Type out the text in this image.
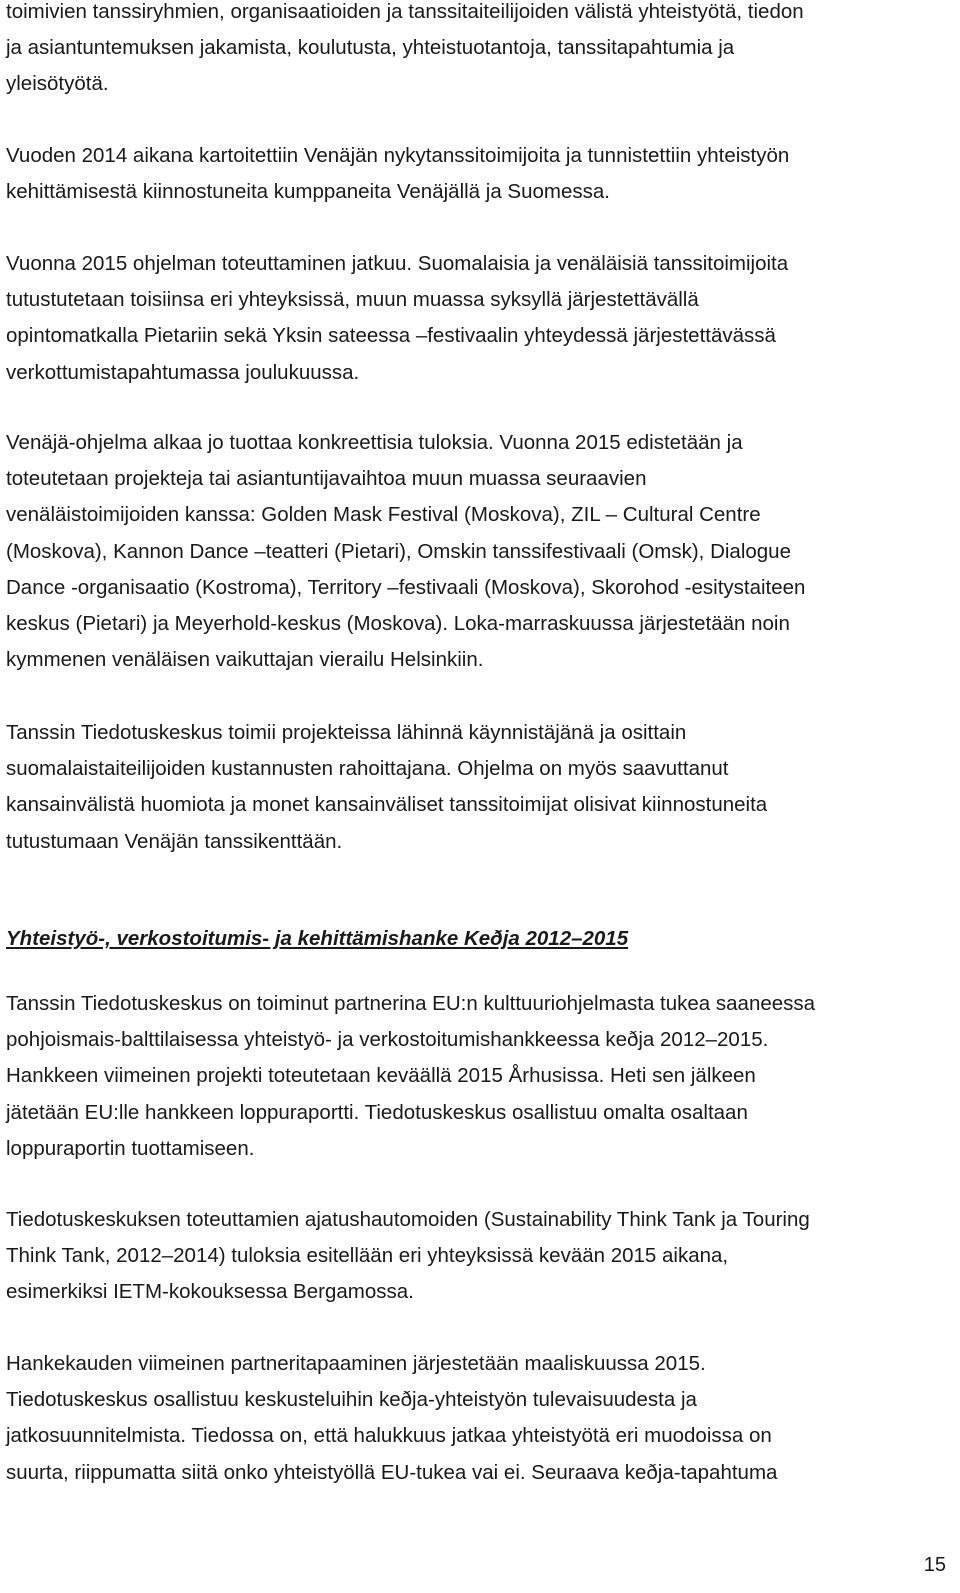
toimivien tanssiryhmien, organisaatioiden ja tanssitaiteilijoiden välistä yhteistyötä, tiedon
ja asiantuntemuksen jakamista, koulutusta, yhteistuotantoja, tanssitapahtumia ja
yleisötyötä.
Vuoden 2014 aikana kartoitettiin Venäjän nykytanssitoimijoita ja tunnistettiin yhteistyön
kehittämisestä kiinnostuneita kumppaneita Venäjällä ja Suomessa.
Vuonna 2015 ohjelman toteuttaminen jatkuu. Suomalaisia ja venäläisiä tanssitoimijoita
tutustutetaan toisiinsa eri yhteyksissä, muun muassa syksyllä järjestettävällä
opintomatkalla Pietariin sekä Yksin sateessa –festivaalin yhteydessä järjestettävässä
verkottumistapahtumassa joulukuussa.
Venäjä-ohjelma alkaa jo tuottaa konkreettisia tuloksia. Vuonna 2015 edistetään ja
toteutetaan projekteja tai asiantuntijavaihtoa muun muassa seuraavien
venäläistoimijoiden kanssa: Golden Mask Festival (Moskova), ZIL – Cultural Centre
(Moskova), Kannon Dance –teatteri (Pietari), Omskin tanssifestivaali (Omsk), Dialogue
Dance -organisaatio (Kostroma), Territory –festivaali (Moskova), Skorohod -esitystaiteen
keskus (Pietari) ja Meyerhold-keskus (Moskova). Loka-marraskuussa järjestetään noin
kymmenen venäläisen vaikuttajan vierailu Helsinkiin.
Tanssin Tiedotuskeskus toimii projekteissa lähinnä käynnistäjänä ja osittain
suomalaistaiteilijoiden kustannusten rahoittajana. Ohjelma on myös saavuttanut
kansainvälistä huomiota ja monet kansainväliset tanssitoimijat olisivat kiinnostuneita
tutustumaan Venäjän tanssikenttään.
Yhteistyö-, verkostoitumis- ja kehittämishanke Keðja 2012–2015
Tanssin Tiedotuskeskus on toiminut partnerina EU:n kulttuuriohjelmasta tukea saaneessa
pohjoismais-balttilaisessa yhteistyö- ja verkostoitumishankkeessa keðja 2012–2015.
Hankkeen viimeinen projekti toteutetaan keväällä 2015 Århusissa. Heti sen jälkeen
jätetään EU:lle hankkeen loppuraportti. Tiedotuskeskus osallistuu omalta osaltaan
loppuraportin tuottamiseen.
Tiedotuskeskuksen toteuttamien ajatushautomoiden (Sustainability Think Tank ja Touring
Think Tank, 2012–2014) tuloksia esitellään eri yhteyksissä kevään 2015 aikana,
esimerkiksi IETM-kokouksessa Bergamossa.
Hankekauden viimeinen partneritapaaminen järjestetään maaliskuussa 2015.
Tiedotuskeskus osallistuu keskusteluihin keðja-yhteistyön tulevaisuudesta ja
jatkosuunnitelmista. Tiedossa on, että halukkuus jatkaa yhteistyötä eri muodoissa on
suurta, riippumatta siitä onko yhteistyöllä EU-tukea vai ei. Seuraava keðja-tapahtuma
15
